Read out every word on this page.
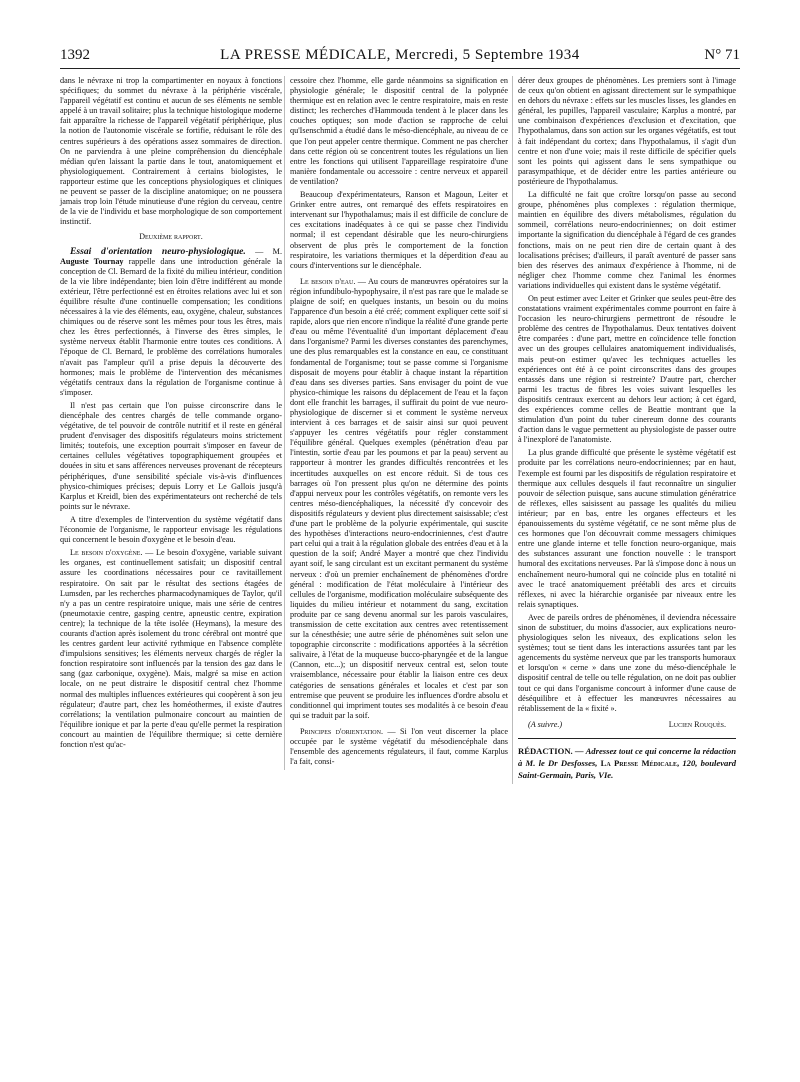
1392	LA PRESSE MÉDICALE, Mercredi, 5 Septembre 1934	N° 71

dans le névraxe ni trop la compartimenter en noyaux à fonctions spécifiques; du sommet du névraxe à la périphérie viscérale, l'appareil végétatif est continu et aucun de ses éléments ne semble appelé à un travail solitaire; plus la technique histologique moderne fait apparaître la richesse de l'appareil végétatif périphérique, plus la notion de l'autonomie viscérale se fortifie, réduisant le rôle des centres supérieurs à des opérations assez sommaires de direction. On ne parviendra à une pleine compréhension du diencéphale médian qu'en laissant la partie dans le tout, anatomiquement et physiologiquement. Contrairement à certains biologistes, le rapporteur estime que les conceptions physiologiques et cliniques ne peuvent se passer de la discipline anatomique; on ne poussera jamais trop loin l'étude minutieuse d'une région du cerveau, centre de la vie de l'individu et base morphologique de son comportement instinctif.

Deuxième rapport.

Essai d'orientation neuro-physiologique. — M. Auguste Tournay rappelle dans une introduction générale la conception de Cl. Bernard de la fixité du milieu intérieur, condition de la vie libre indépendante; bien loin d'être indifférent au monde extérieur, l'être perfectionné est en étroites relations avec lui et son équilibre résulte d'une continuelle compensation; les conditions nécessaires à la vie des éléments, eau, oxygène, chaleur, substances chimiques ou de réserve sont les mêmes pour tous les êtres, mais chez les êtres perfectionnés, à l'inverse des êtres simples, le système nerveux établit l'harmonie entre toutes ces conditions. A l'époque de Cl. Bernard, le problème des corrélations humorales n'avait pas l'ampleur qu'il a prise depuis la découverte des hormones; mais le problème de l'intervention des mécanismes végétatifs centraux dans la régulation de l'organisme continue à s'imposer.

Il n'est pas certain que l'on puisse circonscrire dans le diencéphale des centres chargés de telle commande organo-végétative, de tel pouvoir de contrôle nutritif et il reste en général prudent d'envisager des dispositifs régulateurs moins strictement limités; toutefois, une exception pourrait s'imposer en faveur de certaines cellules végétatives topographiquement groupées et douées in situ et sans afférences nerveuses provenant de récepteurs périphériques, d'une sensibilité spéciale vis-à-vis d'influences physico-chimiques précises; depuis Lorry et Le Gallois jusqu'à Karplus et Kreidl, bien des expérimentateurs ont recherché de tels points sur le névraxe.

A titre d'exemples de l'intervention du système végétatif dans l'économie de l'organisme, le rapporteur envisage les régulations qui concernent le besoin d'oxygène et le besoin d'eau.

Le besoin d'oxygène. — Le besoin d'oxygène, variable suivant les organes, est continuellement satisfait; un dispositif central assure les coordinations nécessaires pour ce ravitaillement respiratoire. On sait par le résultat des sections étagées de Lumsden, par les recherches pharmacodynamiques de Taylor, qu'il n'y a pas un centre respiratoire unique, mais une série de centres (pneumotaxie centre, gasping centre, apneustic centre, expiration centre); la technique de la tête isolée (Heymans), la mesure des courants d'action après isolement du tronc cérébral ont montré que les centres gardent leur activité rythmique en l'absence complète d'impulsions sensitives; les éléments nerveux chargés de régler la fonction respiratoire sont influencés par la tension des gaz dans le sang (gaz carbonique, oxygène). Mais, malgré sa mise en action locale, on ne peut distraire le dispositif central chez l'homme normal des multiples influences extérieures qui coopèrent à son jeu régulateur; d'autre part, chez les homéothermes, il existe d'autres corrélations; la ventilation pulmonaire concourt au maintien de l'équilibre ionique et par la perte d'eau qu'elle permet la respiration concourt au maintien de l'équilibre thermique; si cette dernière fonction n'est qu'ac-

cessoire chez l'homme, elle garde néanmoins sa signification en physiologie générale; le dispositif central de la polypnée thermique est en relation avec le centre respiratoire, mais en reste distinct; les recherches d'Hammouda tendent à le placer dans les couches optiques; son mode d'action se rapproche de celui qu'Isenschmid a étudié dans le méso-diencéphale, au niveau de ce que l'on peut appeler centre thermique. Comment ne pas chercher dans cette région où se concentrent toutes les régulations un lien entre les fonctions qui utilisent l'appareillage respiratoire d'une manière fondamentale ou accessoire : centre nerveux et appareil de ventilation?

Beaucoup d'expérimentateurs, Ranson et Magoun, Leiter et Grinker entre autres, ont remarqué des effets respiratoires en intervenant sur l'hypothalamus; mais il est difficile de conclure de ces excitations inadéquates à ce qui se passe chez l'individu normal; il est cependant désirable que les neuro-chirurgiens observent de plus près le comportement de la fonction respiratoire, les variations thermiques et la déperdition d'eau au cours d'interventions sur le diencéphale.

Le besoin d'eau. — Au cours de manœuvres opératoires sur la région infundibulo-hypophysaire, il n'est pas rare que le malade se plaigne de soif; en quelques instants, un besoin ou du moins l'apparence d'un besoin a été créé; comment expliquer cette soif si rapide, alors que rien encore n'indique la réalité d'une grande perte d'eau ou même l'éventualité d'un important déplacement d'eau dans l'organisme? Parmi les diverses constantes des parenchymes, une des plus remarquables est la constance en eau, ce constituant fondamental de l'organisme; tout se passe comme si l'organisme disposait de moyens pour établir à chaque instant la répartition d'eau dans ses diverses parties. Sans envisager du point de vue physico-chimique les raisons du déplacement de l'eau et la façon dont elle franchit les barrages, il suffirait du point de vue neuro-physiologique de discerner si et comment le système nerveux intervient à ces barrages et de saisir ainsi sur quoi peuvent s'appuyer les centres végétatifs pour régler constamment l'équilibre général. Quelques exemples (pénétration d'eau par l'intestin, sortie d'eau par les poumons et par la peau) servent au rapporteur à montrer les grandes difficultés rencontrées et les incertitudes auxquelles on est encore réduit. Si de tous ces barrages où l'on pressent plus qu'on ne détermine des points d'appui nerveux pour les contrôles végétatifs, on remonte vers les centres méso-diencéphaliques, la nécessité d'y concevoir des dispositifs régulateurs y devient plus directement saisissable; c'est d'une part le problème de la polyurie expérimentale, qui suscite des hypothèses d'interactions neuro-endocriniennes, c'est d'autre part celui qui a trait à la régulation globale des entrées d'eau et à la question de la soif; André Mayer a montré que chez l'individu ayant soif, le sang circulant est un excitant permanent du système nerveux : d'où un premier enchaînement de phénomènes d'ordre général : modification de l'état moléculaire à l'intérieur des cellules de l'organisme, modification moléculaire subséquente des liquides du milieu intérieur et notamment du sang, excitation produite par ce sang devenu anormal sur les parois vasculaires, transmission de cette excitation aux centres avec retentissement sur la cénesthésie; une autre série de phénomènes suit selon une topographie circonscrite : modifications apportées à la sécrétion salivaire, à l'état de la muqueuse bucco-pharyngée et de la langue (Cannon, etc...); un dispositif nerveux central est, selon toute vraisemblance, nécessaire pour établir la liaison entre ces deux catégories de sensations générales et locales et c'est par son entremise que peuvent se produire les influences d'ordre absolu et conditionnel qui impriment toutes ses modalités à ce besoin d'eau qui se traduit par la soif.

Principes d'orientation. — Si l'on veut discerner la place occupée par le système végétatif du mésodiencéphale dans l'ensemble des agencements régulateurs, il faut, comme Karplus l'a fait, consi-

dérer deux groupes de phénomènes. Les premiers sont à l'image de ceux qu'on obtient en agissant directement sur le sympathique en dehors du névraxe : effets sur les muscles lisses, les glandes en général, les pupilles, l'appareil vasculaire; Karplus a montré, par une combinaison d'expériences d'exclusion et d'excitation, que l'hypothalamus, dans son action sur les organes végétatifs, est tout à fait indépendant du cortex; dans l'hypothalamus, il s'agit d'un centre et non d'une voie; mais il reste difficile de spécifier quels sont les points qui agissent dans le sens sympathique ou parasympathique, et de décider entre les parties antérieure ou postérieure de l'hypothalamus.

La difficulté ne fait que croître lorsqu'on passe au second groupe, phénomènes plus complexes : régulation thermique, maintien en équilibre des divers métabolismes, régulation du sommeil, corrélations neuro-endocriniennes; on doit estimer importante la signification du diencéphale à l'égard de ces grandes fonctions, mais on ne peut rien dire de certain quant à des localisations précises; d'ailleurs, il paraît aventuré de passer sans bien des réserves des animaux d'expérience à l'homme, ni de négliger chez l'homme comme chez l'animal les énormes variations individuelles qui existent dans le système végétatif.

On peut estimer avec Leiter et Grinker que seules peut-être des constatations vraiment expérimentales comme pourront en faire à l'occasion les neuro-chirurgiens permettront de résoudre le problème des centres de l'hypothalamus. Deux tentatives doivent être comparées : d'une part, mettre en coïncidence telle fonction avec un des groupes cellulaires anatomiquement individualisés, mais peut-on estimer qu'avec les techniques actuelles les expériences ont été à ce point circonscrites dans des groupes entassés dans une région si restreinte? D'autre part, chercher parmi les tractus de fibres les voies suivant lesquelles les dispositifs centraux exercent au dehors leur action; à cet égard, des expériences comme celles de Beattie montrant que la stimulation d'un point du tuber cinereum donne des courants d'action dans le vague permettent au physiologiste de passer outre à l'inexploré de l'anatomiste.

La plus grande difficulté que présente le système végétatif est produite par les corrélations neuro-endocriniennes; par en haut, l'exemple est fourni par les dispositifs de régulation respiratoire et thermique aux cellules desquels il faut reconnaître un singulier pouvoir de sélection puisque, sans aucune stimulation génératrice de réflexes, elles saisissent au passage les qualités du milieu intérieur; par en bas, entre les organes effecteurs et les épanouissements du système végétatif, ce ne sont même plus de ces hormones que l'on découvrait comme messagers chimiques entre une glande interne et telle fonction neuro-organique, mais des substances assurant une fonction nouvelle : le transport humoral des excitations nerveuses. Par là s'impose donc à nous un enchaînement neuro-humoral qui ne coïncide plus en totalité ni avec le tracé anatomiquement préétabli des arcs et circuits réflexes, ni avec la hiérarchie organisée par niveaux entre les relais synaptiques.

Avec de pareils ordres de phénomènes, il deviendra nécessaire sinon de substituer, du moins d'associer, aux explications neuro-physiologiques selon les niveaux, des explications selon les systèmes; tout se tient dans les interactions assurées tant par les agencements du système nerveux que par les transports humoraux et lorsqu'on « cerne » dans une zone du méso-diencéphale le dispositif central de telle ou telle régulation, on ne doit pas oublier tout ce qui dans l'organisme concourt à informer d'une cause de déséquilibre et à effectuer les manœuvres nécessaires au rétablissement de la « fixité ».

(A suivre.)	Lucien Rouquès.

RÉDACTION. — Adressez tout ce qui concerne la rédaction à M. le Dr Desfosses, La Presse Médicale, 120, boulevard Saint-Germain, Paris, VIe.
